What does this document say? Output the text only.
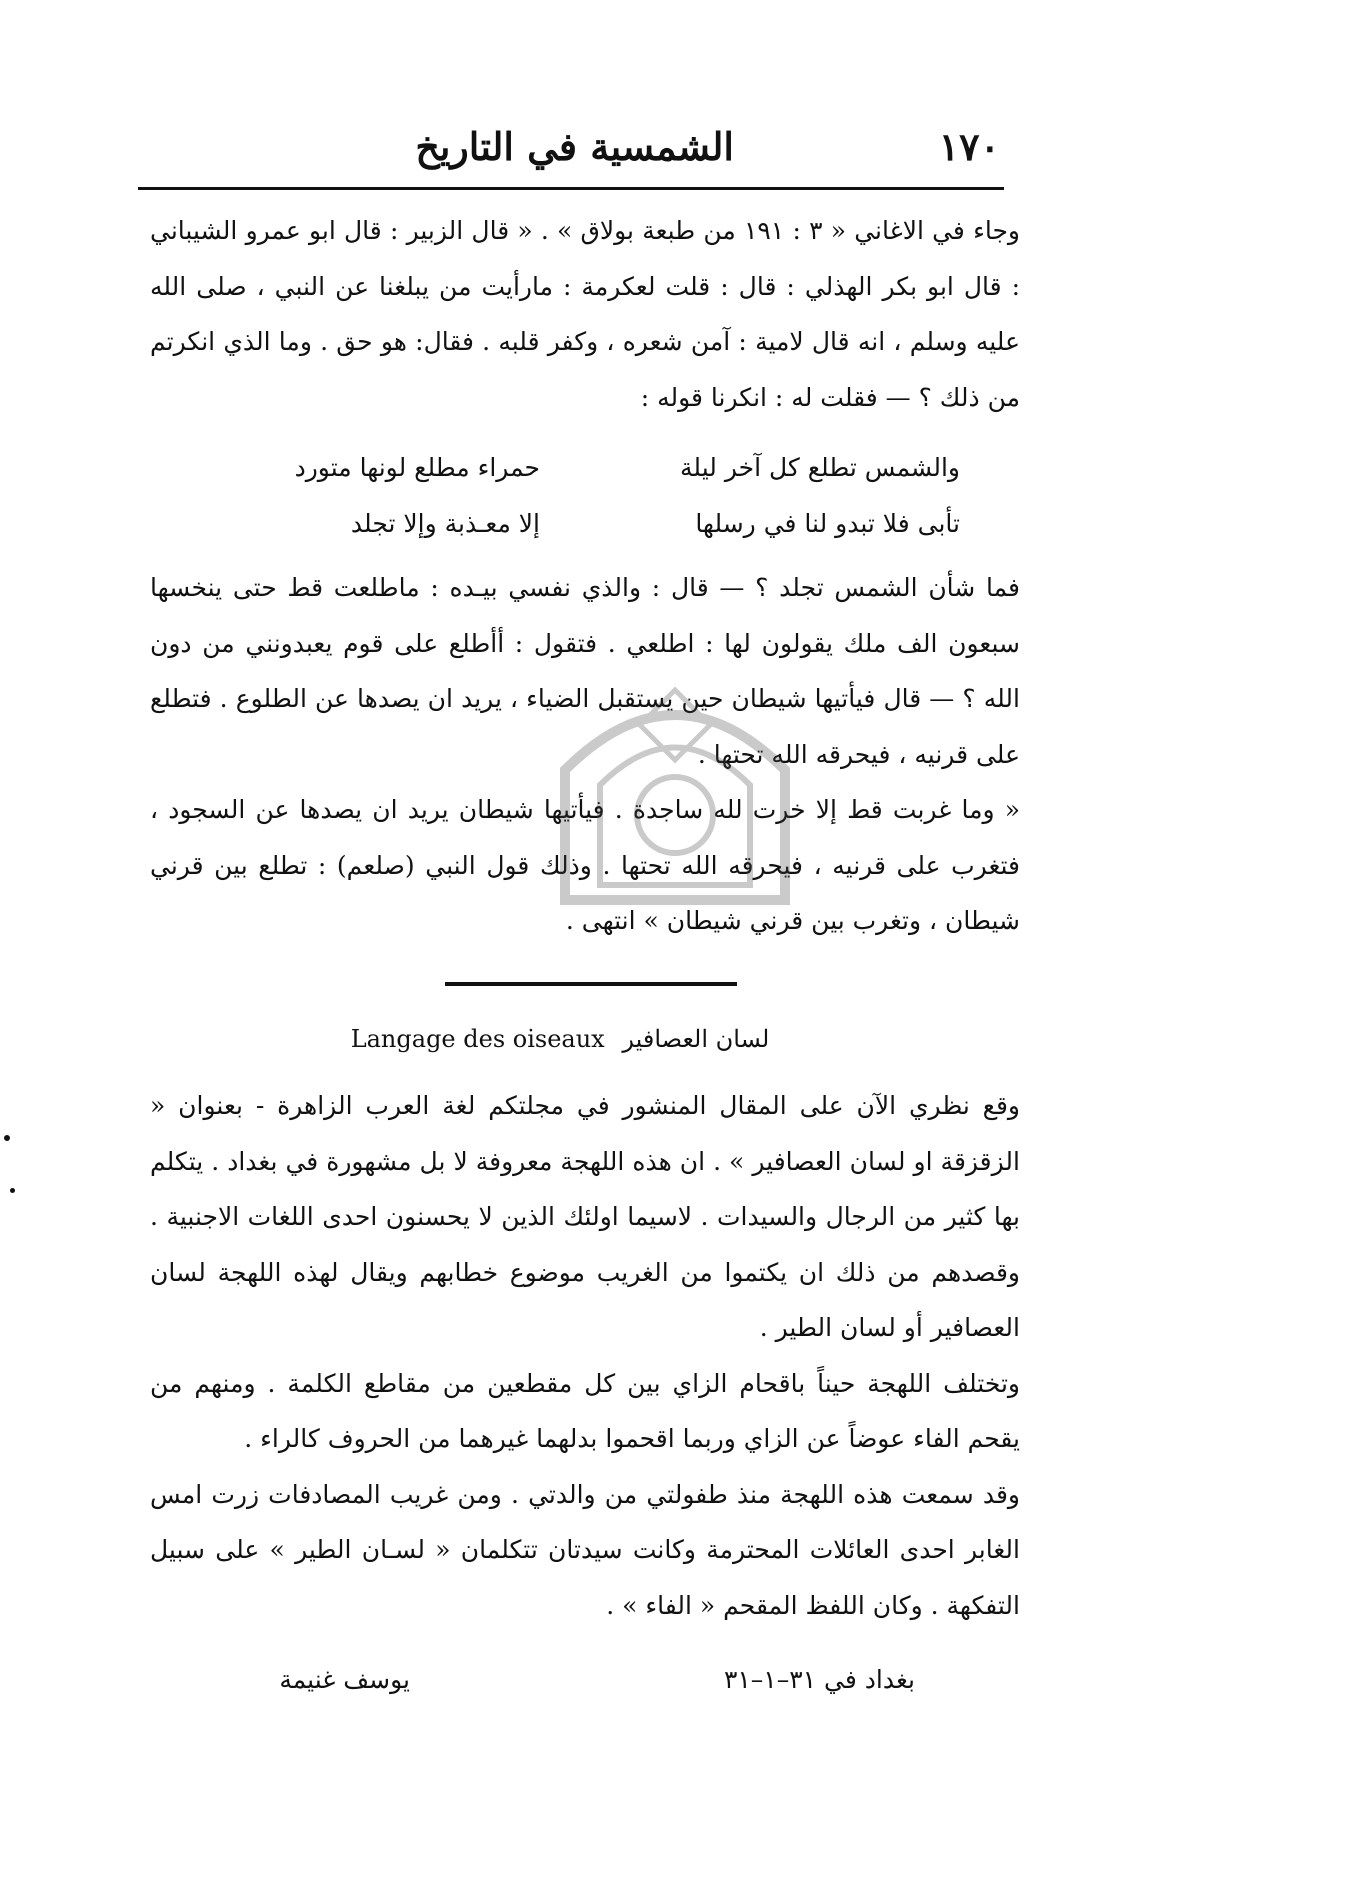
١٧٠
الشمسية في التاريخ

وجاء في الاغاني « ٣ : ١٩١ من طبعة بولاق » . « قال الزبير : قال ابو عمرو الشيباني : قال ابو بكر الهذلي : قال : قلت لعكرمة : مارأيت من يبلغنا عن النبي ، صلى الله عليه وسلم ، انه قال لامية : آمن شعره ، وكفر قلبه . فقال: هو حق . وما الذي انكرتم من ذلك ؟ — فقلت له : انكرنا قوله :

والشمس تطلع كل آخر ليلة
حمراء مطلع لونها متورد
تأبى فلا تبدو لنا في رسلها
إلا معـذبة وإلا تجلد

فما شأن الشمس تجلد ؟ — قال : والذي نفسي بيـده : ماطلعت قط حتى ينخسها سبعون الف ملك يقولون لها : اطلعي . فتقول : أأطلع على قوم يعبدونني من دون الله ؟ — قال فيأتيها شيطان حين يستقبل الضياء ، يريد ان يصدها عن الطلوع . فتطلع على قرنيه ، فيحرقه الله تحتها .

« وما غربت قط إلا خرت لله ساجدة . فيأتيها شيطان يريد ان يصدها عن السجود ، فتغرب على قرنيه ، فيحرقه الله تحتها . وذلك قول النبي (صلعم) : تطلع بين قرني شيطان ، وتغرب بين قرني شيطان » انتهى .

Langage des oiseaux لسان العصافير

وقع نظري الآن على المقال المنشور في مجلتكم لغة العرب الزاهرة - بعنوان « الزقزقة او لسان العصافير » . ان هذه اللهجة معروفة لا بل مشهورة في بغداد . يتكلم بها كثير من الرجال والسيدات . لاسيما اولئك الذين لا يحسنون احدى اللغات الاجنبية . وقصدهم من ذلك ان يكتموا من الغريب موضوع خطابهم ويقال لهذه اللهجة لسان العصافير أو لسان الطير .

وتختلف اللهجة حيناً باقحام الزاي بين كل مقطعين من مقاطع الكلمة . ومنهم من يقحم الفاء عوضاً عن الزاي وربما اقحموا بدلهما غيرهما من الحروف كالراء .

وقد سمعت هذه اللهجة منذ طفولتي من والدتي . ومن غريب المصادفات زرت امس الغابر احدى العائلات المحترمة وكانت سيدتان تتكلمان « لسـان الطير » على سبيل التفكهة . وكان اللفظ المقحم « الفاء » .

بغداد في ٣١–١–٣١
يوسف غنيمة
